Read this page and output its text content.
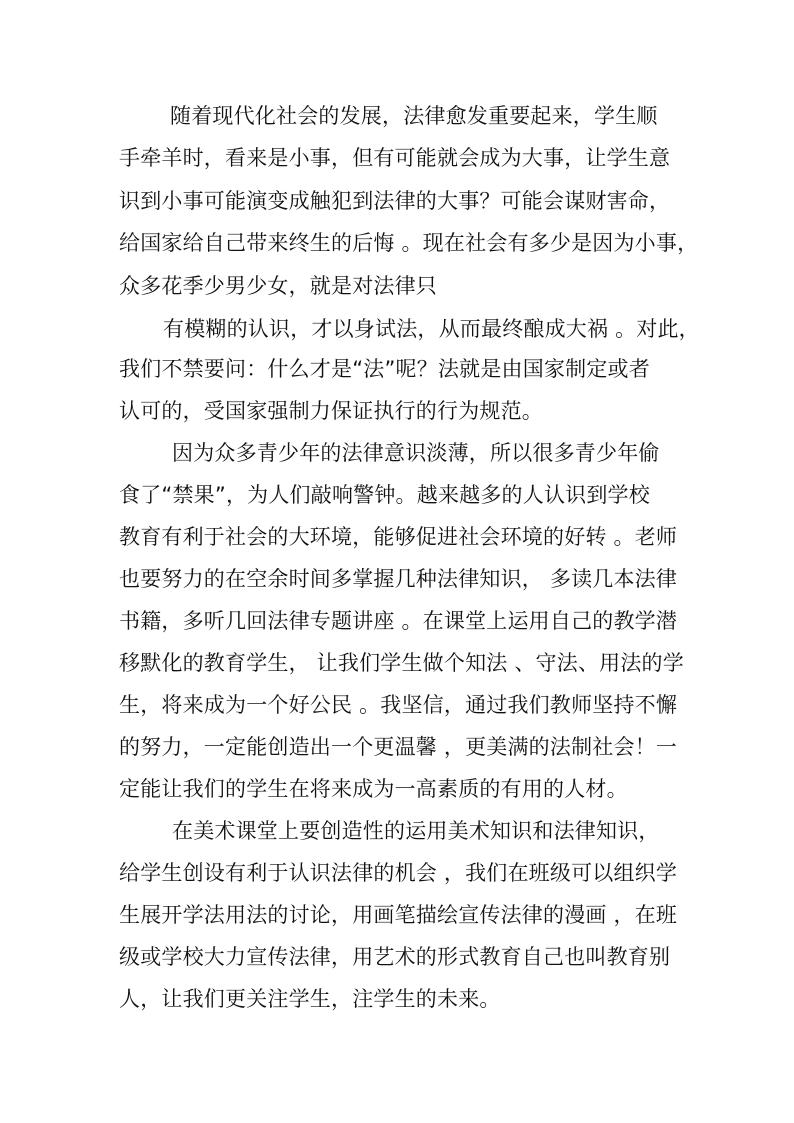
随着现代化社会的发展，法律愈发重要起来，学生顺
手牵羊时，看来是小事，但有可能就会成为大事，让学生意
识到小事可能演变成触犯到法律的大事？可能会谋财害命，
给国家给自己带来终生的后悔 。现在社会有多少是因为小事，
众多花季少男少女，就是对法律只
有模糊的认识，才以身试法，从而最终酿成大祸 。对此，
我们不禁要问：什么才是“法”呢？法就是由国家制定或者
认可的，受国家强制力保证执行的行为规范。
因为众多青少年的法律意识淡薄，所以很多青少年偷
食了“禁果”，为人们敲响警钟。越来越多的人认识到学校
教育有利于社会的大环境，能够促进社会环境的好转 。老师
也要努力的在空余时间多掌握几种法律知识， 多读几本法律
书籍，多听几回法律专题讲座 。在课堂上运用自己的教学潜
移默化的教育学生， 让我们学生做个知法 、守法、用法的学
生，将来成为一个好公民 。我坚信，通过我们教师坚持不懈
的努力，一定能创造出一个更温馨 ，更美满的法制社会！一
定能让我们的学生在将来成为一高素质的有用的人材。
在美术课堂上要创造性的运用美术知识和法律知识，
给学生创设有利于认识法律的机会 ，我们在班级可以组织学
生展开学法用法的讨论，用画笔描绘宣传法律的漫画 ，在班
级或学校大力宣传法律，用艺术的形式教育自己也叫教育别
人，让我们更关注学生，注学生的未来。
